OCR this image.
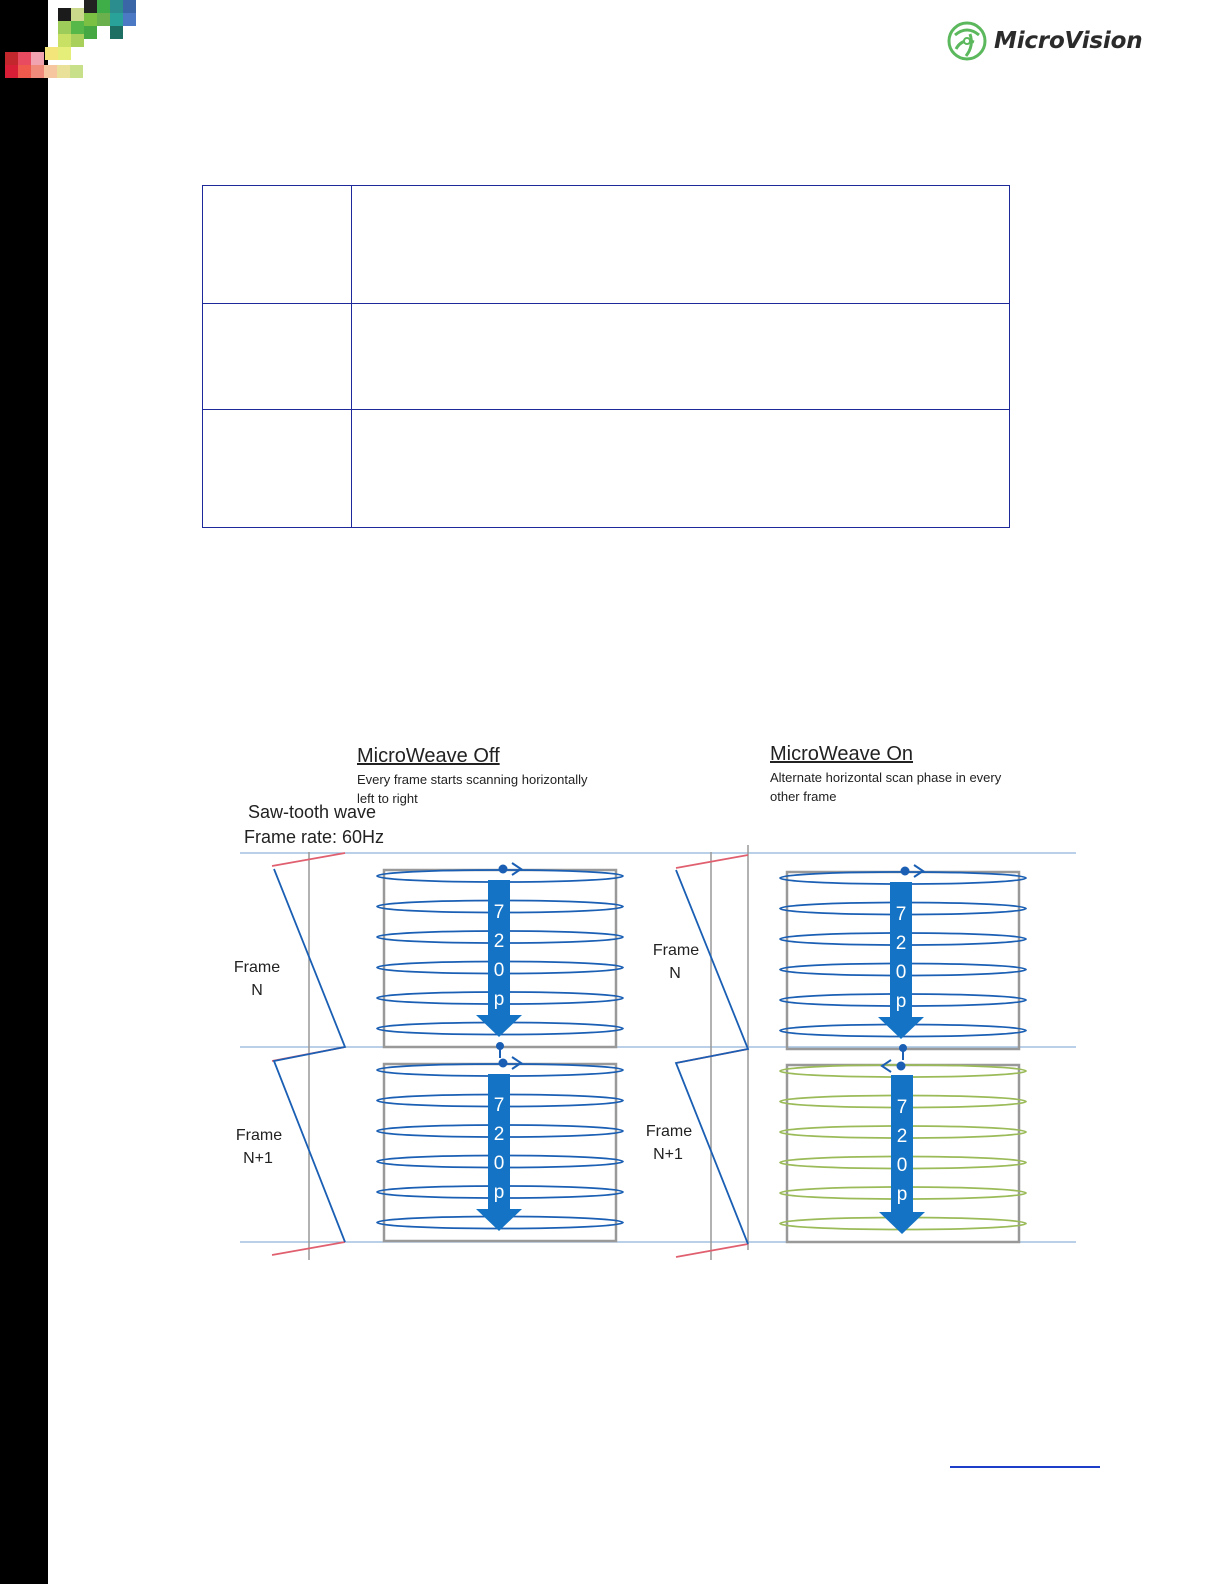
MicroVision

MicroWeave Off
Every frame starts scanning horizontally
left to right
MicroWeave On
Alternate horizontal scan phase in every
other frame
Saw-tooth wave
Frame rate: 60Hz
Frame
N
Frame
N+1
Frame
N
Frame
N+1
7
2
0
p
7
2
0
p
7
2
0
p
7
2
0
p
